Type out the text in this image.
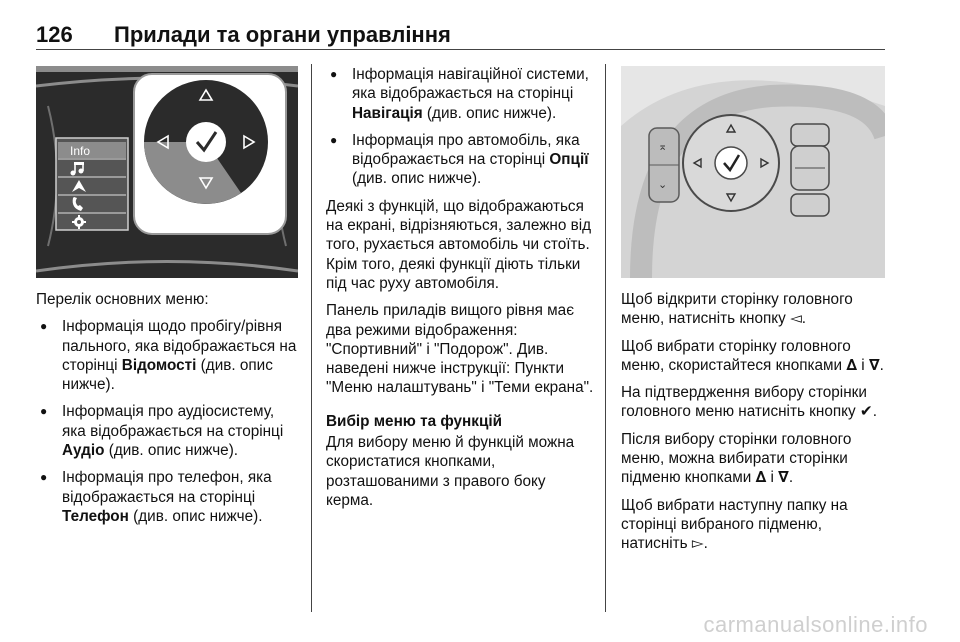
126 Прилади та органи управління
Info

Перелік основних меню:

● Інформація щодо пробігу/рівня пального, яка відображається на сторінці Відомості (див. опис нижче).
● Інформація про аудіосистему, яка відображається на сторінці Аудіо (див. опис нижче).
● Інформація про телефон, яка відображається на сторінці Телефон (див. опис нижче).
● Інформація навігаційної системи, яка відображається на сторінці Навігація (див. опис нижче).
● Інформація про автомобіль, яка відображається на сторінці Опції (див. опис нижче).

Деякі з функцій, що відображаються на екрані, відрізняються, залежно від того, рухається автомобіль чи стоїть. Крім того, деякі функції діють тільки під час руху автомобіля.

Панель приладів вищого рівня має два режими відображення: "Спортивний" і "Подорож". Див. наведені нижче інструкції: Пункти "Меню налаштувань" і "Теми екрана".

Вибір меню та функцій

Для вибору меню й функцій можна скористатися кнопками, розташованими з правого боку керма.

⌅
⌄

Щоб відкрити сторінку головного меню, натисніть кнопку ◅.

Щоб вибрати сторінку головного меню, скористайтеся кнопками ∆ і ∇.

На підтвердження вибору сторінки головного меню натисніть кнопку ✔.

Після вибору сторінки головного меню, можна вибирати сторінки підменю кнопками ∆ і ∇.

Щоб вибрати наступну папку на сторінці вибраного підменю, натисніть ▻.

carmanualsonline.info
